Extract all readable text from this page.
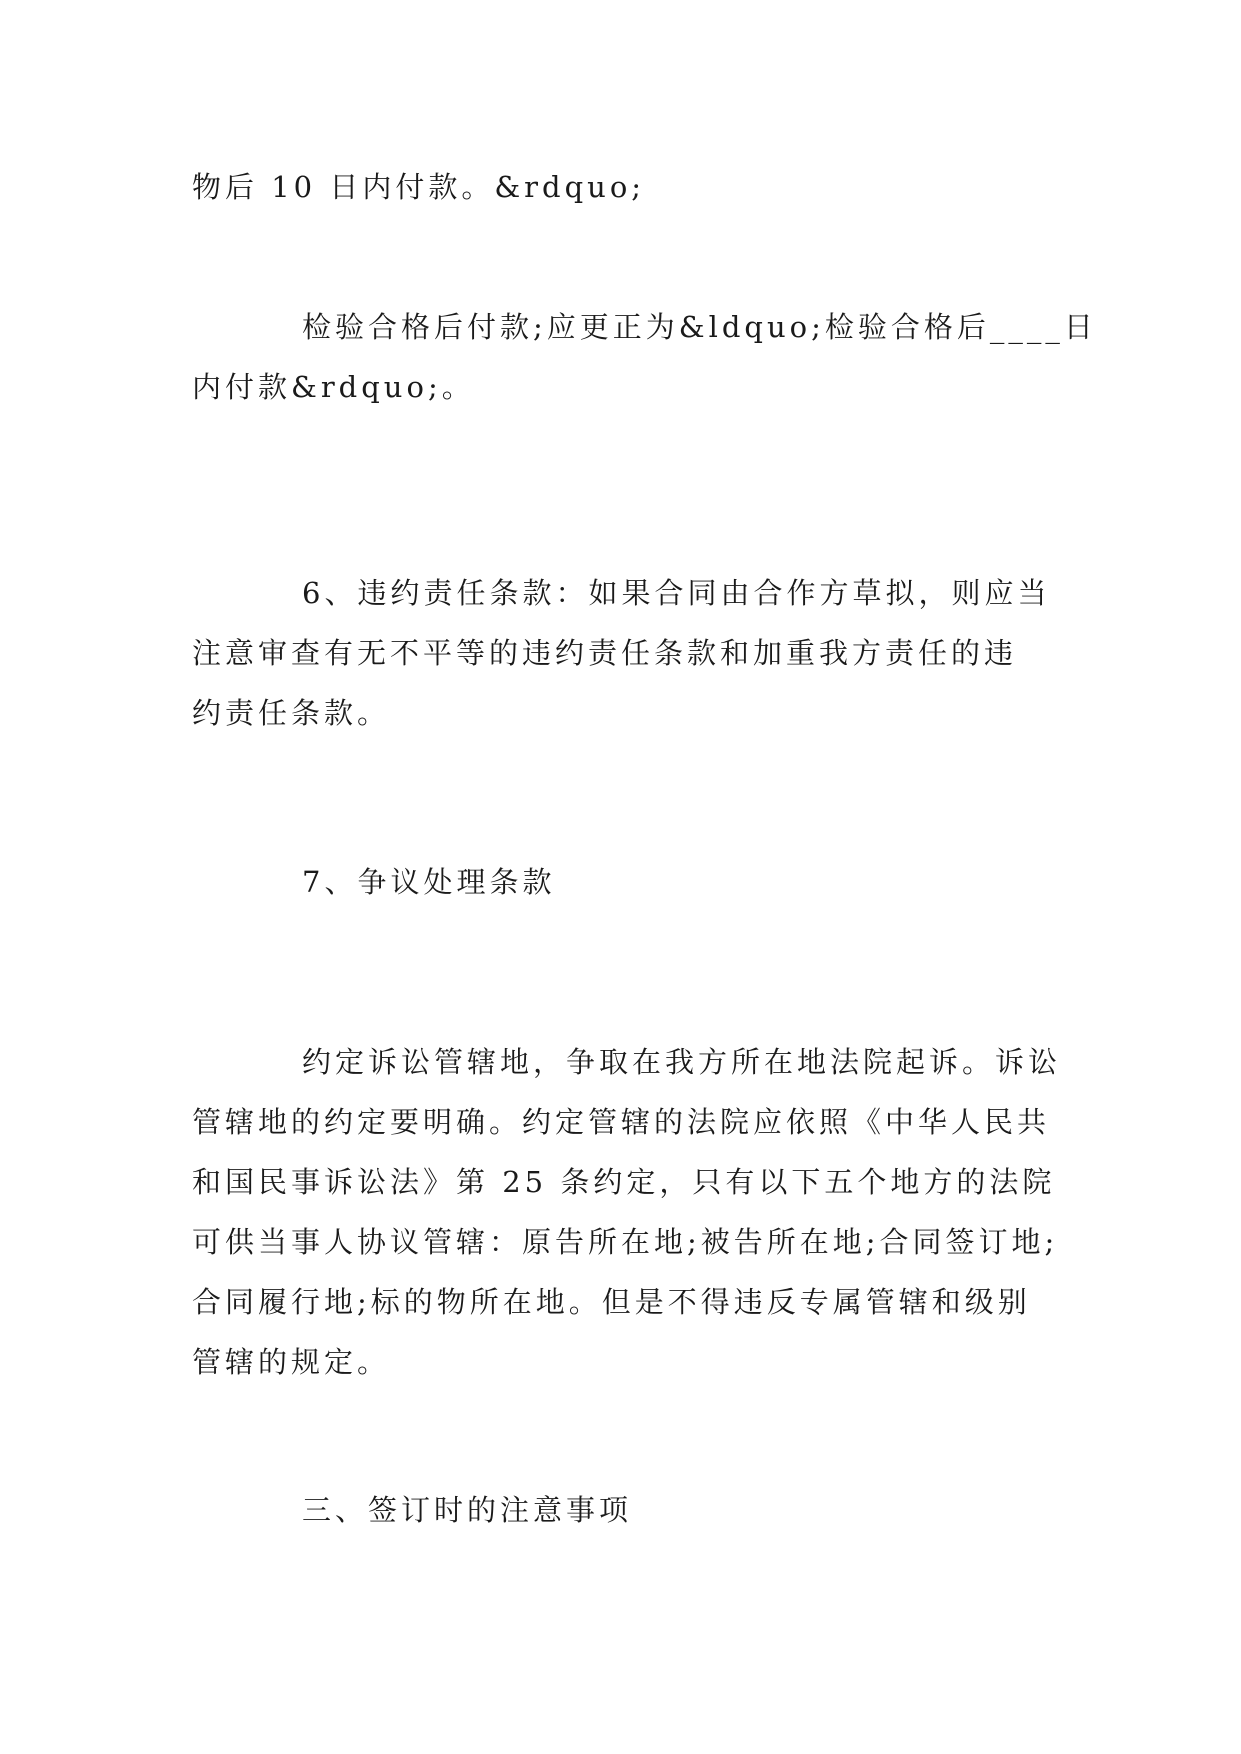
物后 10 日内付款。&rdquo;

检验合格后付款;应更正为&ldquo;检验合格后____日
内付款&rdquo;。

6、违约责任条款：如果合同由合作方草拟，则应当
注意审查有无不平等的违约责任条款和加重我方责任的违
约责任条款。

7、争议处理条款

约定诉讼管辖地，争取在我方所在地法院起诉。诉讼
管辖地的约定要明确。约定管辖的法院应依照《中华人民共
和国民事诉讼法》第 25 条约定，只有以下五个地方的法院
可供当事人协议管辖：原告所在地;被告所在地;合同签订地;
合同履行地;标的物所在地。但是不得违反专属管辖和级别
管辖的规定。

三、签订时的注意事项
